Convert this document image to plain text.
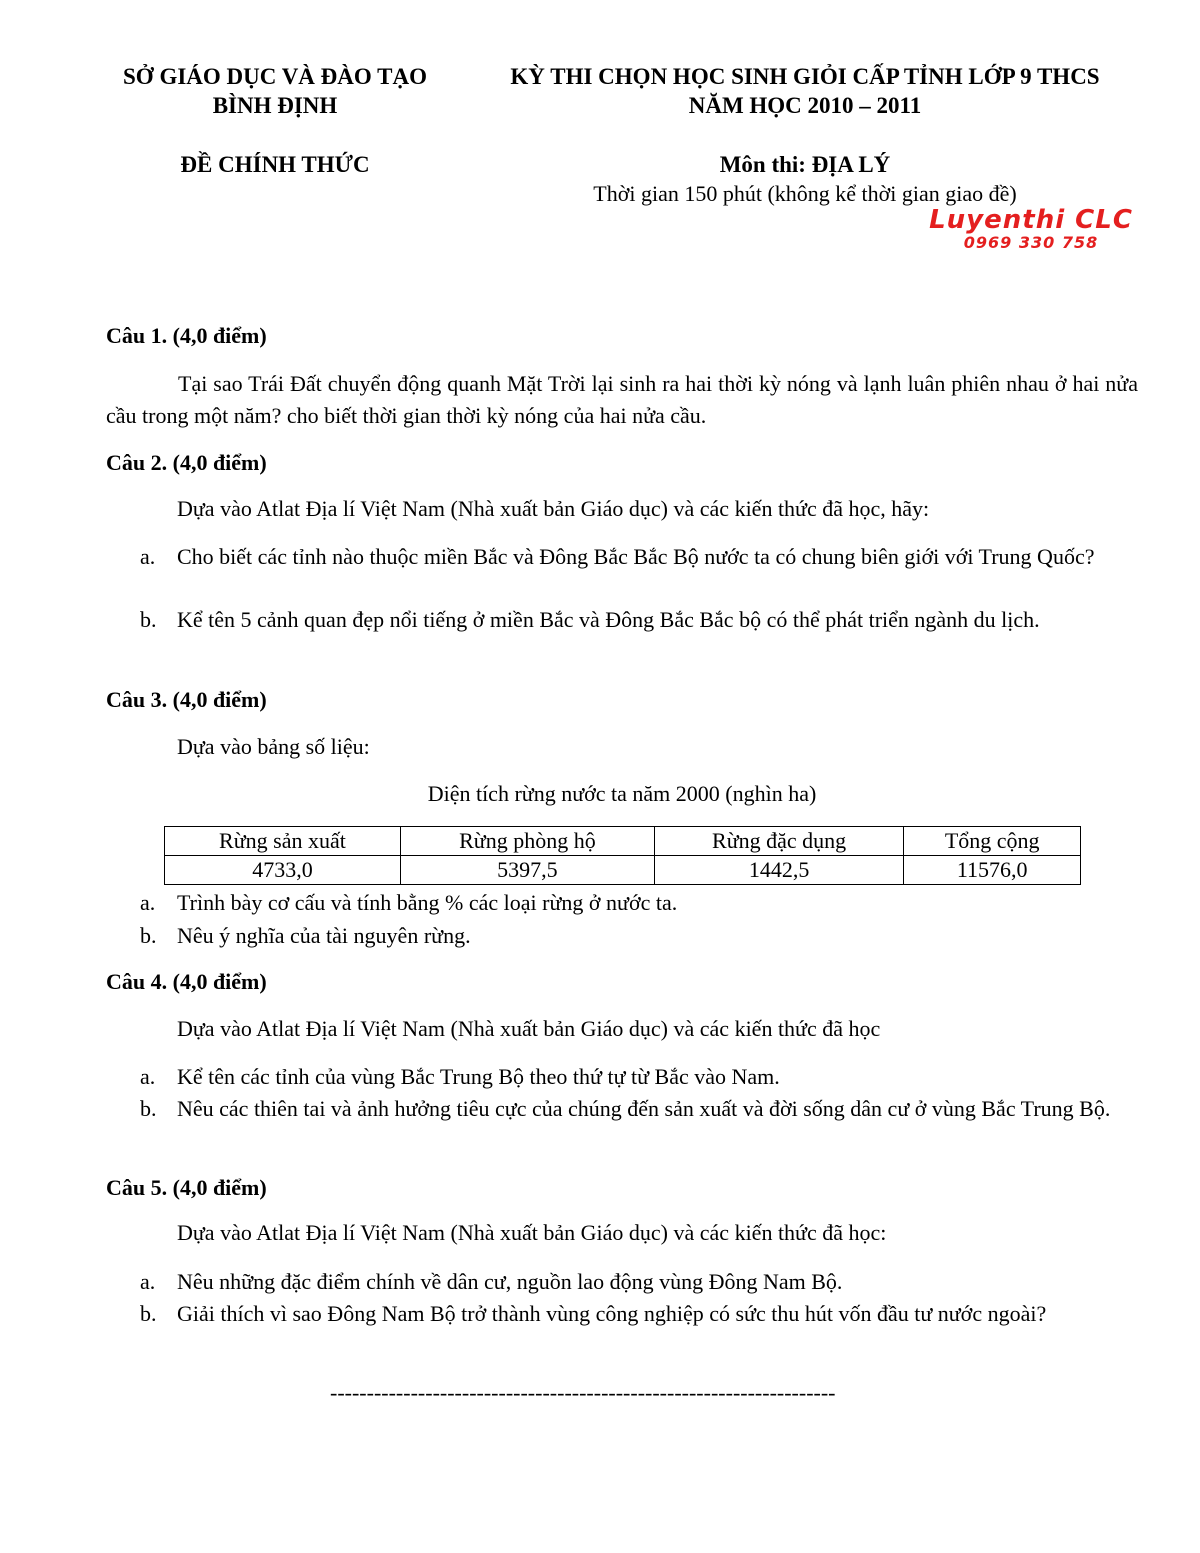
SỞ GIÁO DỤC VÀ ĐÀO TẠO
BÌNH ĐỊNH
KỲ THI CHỌN HỌC SINH GIỎI CẤP TỈNH LỚP 9 THCS
NĂM HỌC 2010 – 2011
ĐỀ CHÍNH THỨC	Môn thi: ĐỊA LÝ
Thời gian 150 phút (không kể thời gian giao đề)
Luyenthi CLC
0969 330 758
Câu 1. (4,0 điểm)
Tại sao Trái Đất chuyển động quanh Mặt Trời lại sinh ra hai thời kỳ nóng và lạnh luân phiên nhau ở hai nửa cầu trong một năm? cho biết thời gian thời kỳ nóng của hai nửa cầu.
Câu 2. (4,0 điểm)
Dựa vào Atlat Địa lí Việt Nam (Nhà xuất bản Giáo dục) và các kiến thức đã học, hãy:
a. Cho biết các tỉnh nào thuộc miền Bắc và Đông Bắc Bắc Bộ nước ta có chung biên giới với Trung Quốc?
b. Kể tên 5 cảnh quan đẹp nổi tiếng ở miền Bắc và Đông Bắc Bắc bộ có thể phát triển ngành du lịch.
Câu 3. (4,0 điểm)
Dựa vào bảng số liệu:
Diện tích rừng nước ta năm 2000 (nghìn ha)
Rừng sản xuất	Rừng phòng hộ	Rừng đặc dụng	Tổng cộng
4733,0	5397,5	1442,5	11576,0
a. Trình bày cơ cấu và tính bằng % các loại rừng ở nước ta.
b. Nêu ý nghĩa của tài nguyên rừng.
Câu 4. (4,0 điểm)
Dựa vào Atlat Địa lí Việt Nam (Nhà xuất bản Giáo dục) và các kiến thức đã học
a. Kể tên các tỉnh của vùng Bắc Trung Bộ theo thứ tự từ Bắc vào Nam.
b. Nêu các thiên tai và ảnh hưởng tiêu cực của chúng đến sản xuất và đời sống dân cư ở vùng Bắc Trung Bộ.
Câu 5. (4,0 điểm)
Dựa vào Atlat Địa lí Việt Nam (Nhà xuất bản Giáo dục) và các kiến thức đã học:
a. Nêu những đặc điểm chính về dân cư, nguồn lao động vùng Đông Nam Bộ.
b. Giải thích vì sao Đông Nam Bộ trở thành vùng công nghiệp có sức thu hút vốn đầu tư nước ngoài?
---------------------------------------------------------------------
